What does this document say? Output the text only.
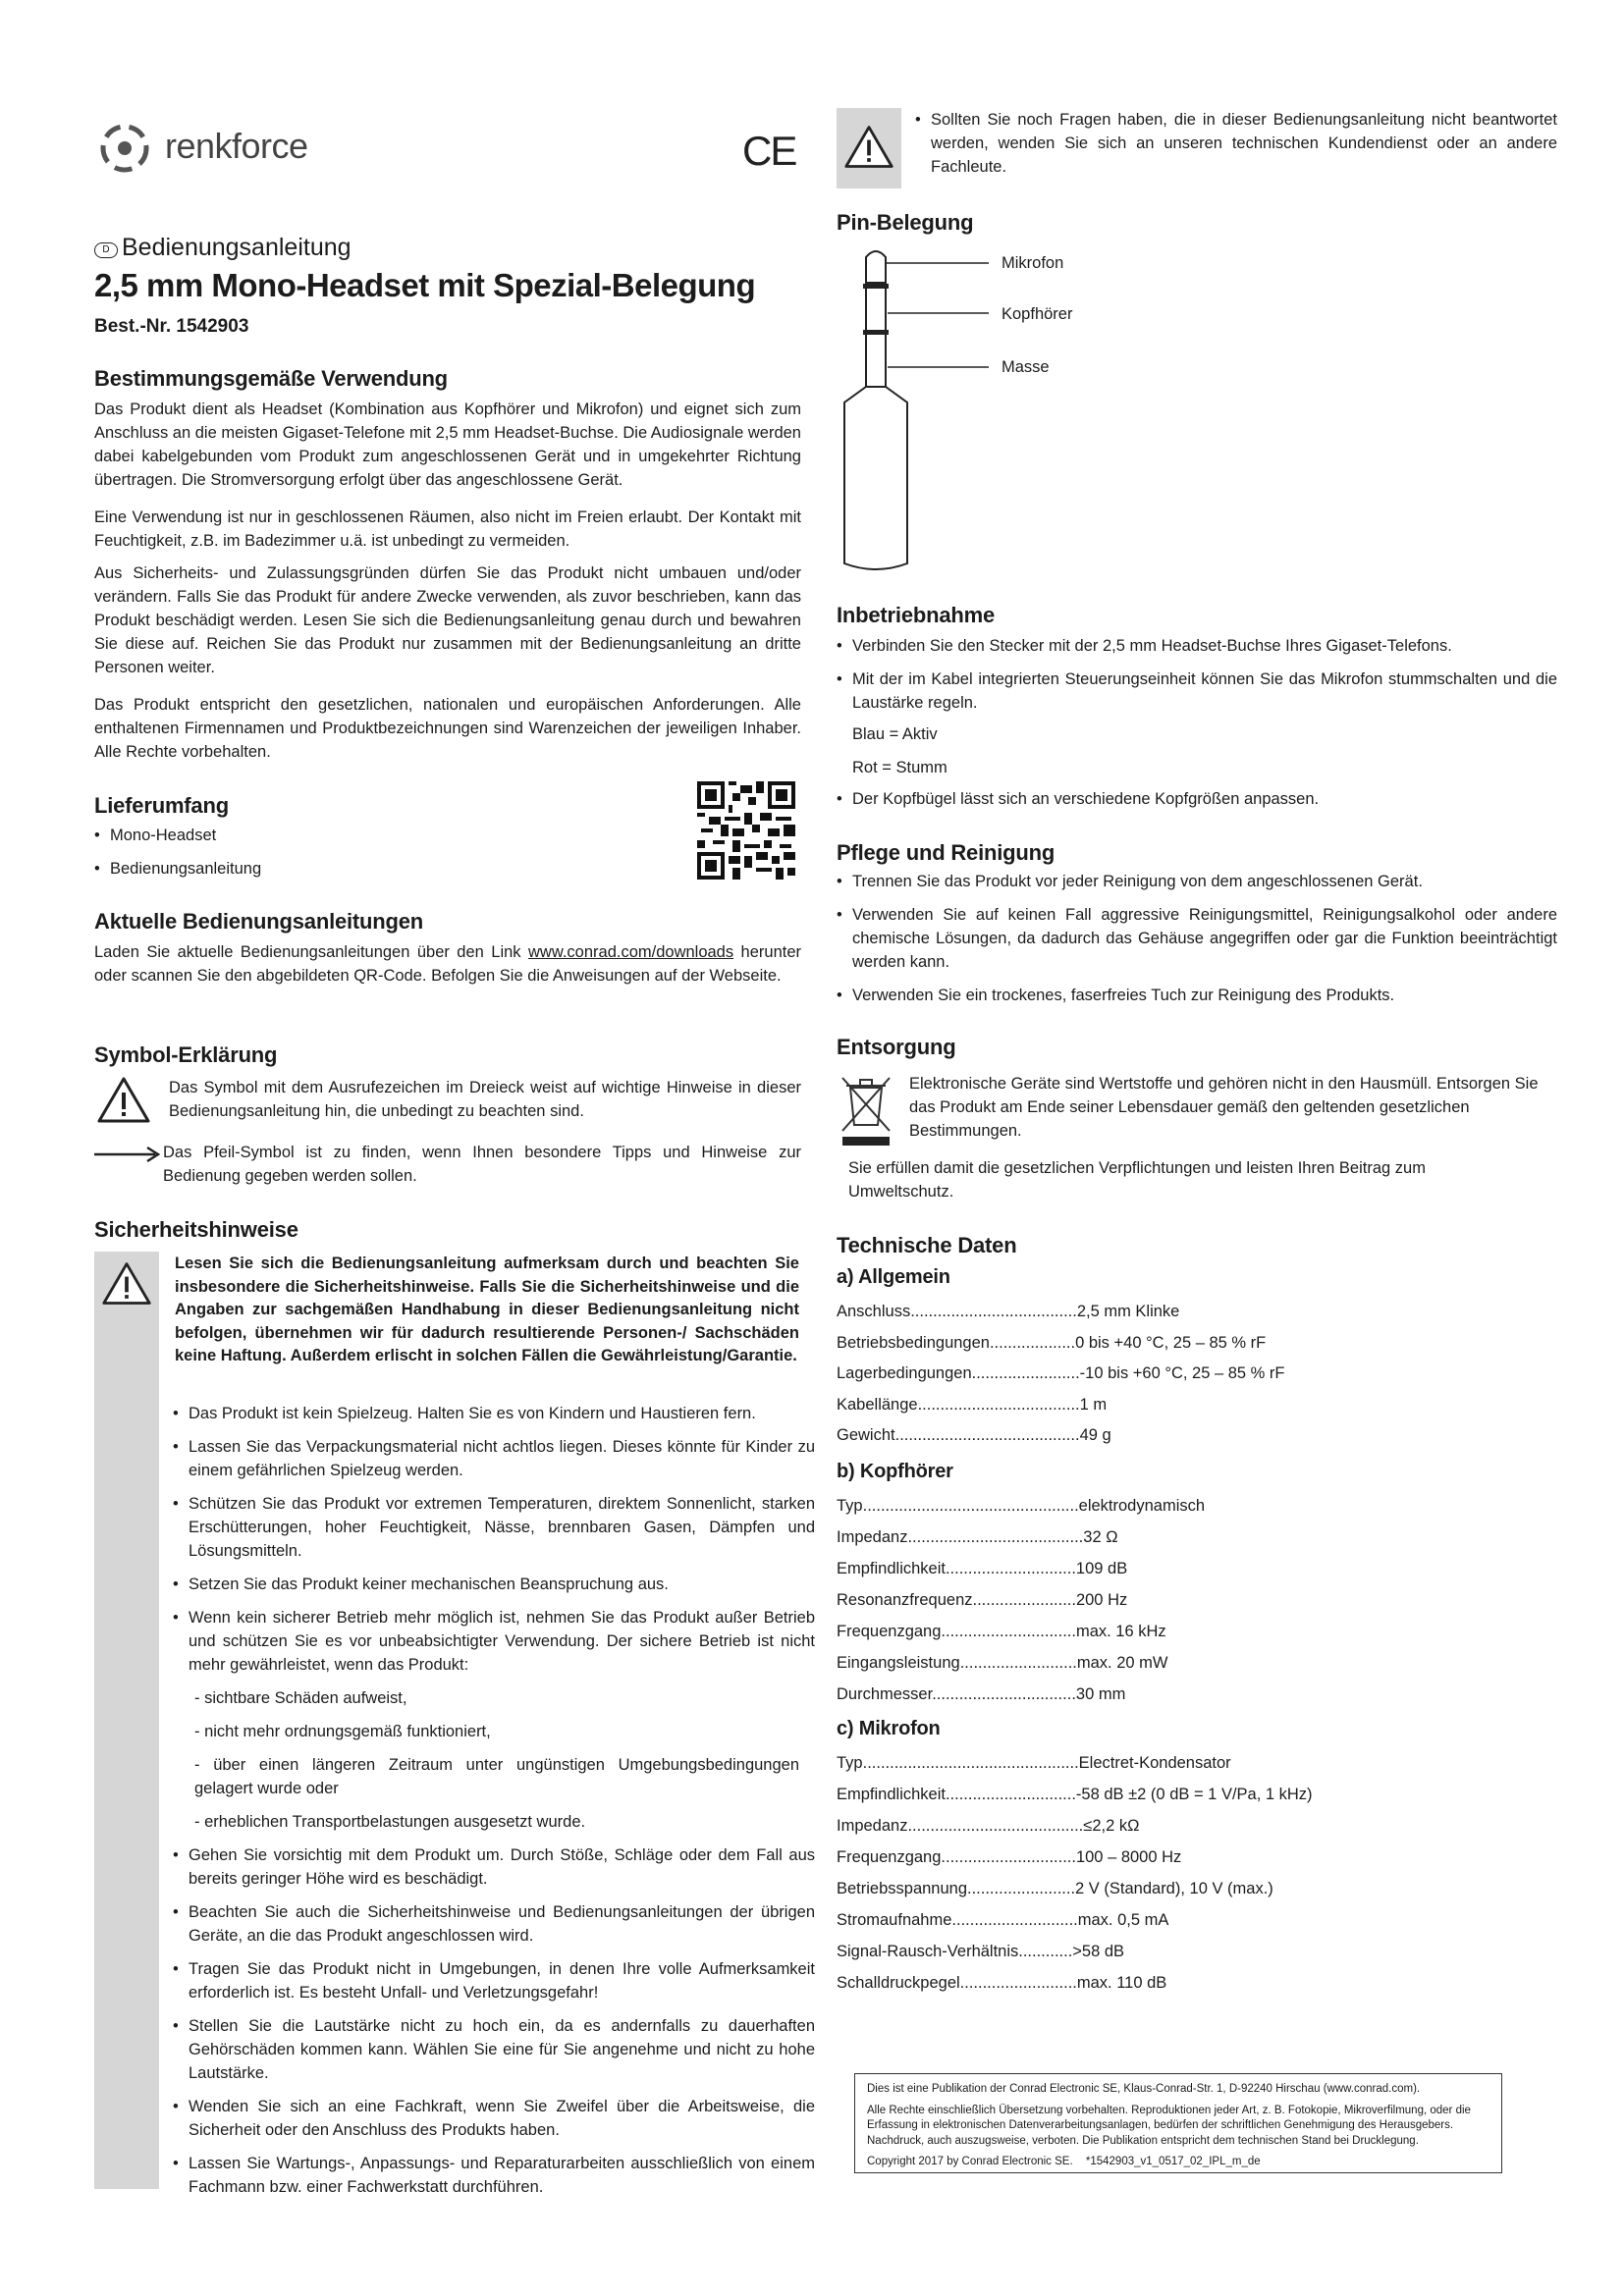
renkforce
D Bedienungsanleitung
2,5 mm Mono-Headset mit Spezial-Belegung
Best.-Nr. 1542903
Bestimmungsgemäße Verwendung

Das Produkt dient als Headset (Kombination aus Kopfhörer und Mikrofon) und eignet sich zum Anschluss an die meisten Gigaset-Telefone mit 2,5 mm Headset-Buchse. Die Audiosignale werden dabei kabelgebunden vom Produkt zum angeschlossenen Gerät und in umgekehrter Richtung übertragen. Die Stromversorgung erfolgt über das angeschlossene Gerät.

Eine Verwendung ist nur in geschlossenen Räumen, also nicht im Freien erlaubt. Der Kontakt mit Feuchtigkeit, z.B. im Badezimmer u.ä. ist unbedingt zu vermeiden.

Aus Sicherheits- und Zulassungsgründen dürfen Sie das Produkt nicht umbauen und/oder verändern. Falls Sie das Produkt für andere Zwecke verwenden, als zuvor beschrieben, kann das Produkt beschädigt werden. Lesen Sie sich die Bedienungsanleitung genau durch und bewahren Sie diese auf. Reichen Sie das Produkt nur zusammen mit der Bedienungsanleitung an dritte Personen weiter.

Das Produkt entspricht den gesetzlichen, nationalen und europäischen Anforderungen. Alle enthaltenen Firmennamen und Produktbezeichnungen sind Warenzeichen der jeweiligen Inhaber. Alle Rechte vorbehalten.

Lieferumfang
• Mono-Headset
• Bedienungsanleitung
Aktuelle Bedienungsanleitungen

Laden Sie aktuelle Bedienungsanleitungen über den Link www.conrad.com/downloads herunter oder scannen Sie den abgebildeten QR-Code. Befolgen Sie die Anweisungen auf der Webseite.

Symbol-Erklärung

Das Symbol mit dem Ausrufezeichen im Dreieck weist auf wichtige Hinweise in dieser Bedienungsanleitung hin, die unbedingt zu beachten sind.

Das Pfeil-Symbol ist zu finden, wenn Ihnen besondere Tipps und Hinweise zur Bedienung gegeben werden sollen.

Sicherheitshinweise

Lesen Sie sich die Bedienungsanleitung aufmerksam durch und beachten Sie insbesondere die Sicherheitshinweise. Falls Sie die Sicherheitshinweise und die Angaben zur sachgemäßen Handhabung in dieser Bedienungsanleitung nicht befolgen, übernehmen wir für dadurch resultierende Personen-/ Sachschäden keine Haftung. Außerdem erlischt in solchen Fällen die Gewährleistung/Garantie.

• Das Produkt ist kein Spielzeug. Halten Sie es von Kindern und Haustieren fern.
• Lassen Sie das Verpackungsmaterial nicht achtlos liegen. Dieses könnte für Kinder zu einem gefährlichen Spielzeug werden.
• Schützen Sie das Produkt vor extremen Temperaturen, direktem Sonnenlicht, starken Erschütterungen, hoher Feuchtigkeit, Nässe, brennbaren Gasen, Dämpfen und Lösungsmitteln.
• Setzen Sie das Produkt keiner mechanischen Beanspruchung aus.
• Wenn kein sicherer Betrieb mehr möglich ist, nehmen Sie das Produkt außer Betrieb und schützen Sie es vor unbeabsichtigter Verwendung. Der sichere Betrieb ist nicht mehr gewährleistet, wenn das Produkt:
- sichtbare Schäden aufweist,
- nicht mehr ordnungsgemäß funktioniert,
- über einen längeren Zeitraum unter ungünstigen Umgebungsbedingungen gelagert wurde oder
- erheblichen Transportbelastungen ausgesetzt wurde.
• Gehen Sie vorsichtig mit dem Produkt um. Durch Stöße, Schläge oder dem Fall aus bereits geringer Höhe wird es beschädigt.
• Beachten Sie auch die Sicherheitshinweise und Bedienungsanleitungen der übrigen Geräte, an die das Produkt angeschlossen wird.
• Tragen Sie das Produkt nicht in Umgebungen, in denen Ihre volle Aufmerksamkeit erforderlich ist. Es besteht Unfall- und Verletzungsgefahr!
• Stellen Sie die Lautstärke nicht zu hoch ein, da es andernfalls zu dauerhaften Gehörschäden kommen kann. Wählen Sie eine für Sie angenehme und nicht zu hohe Lautstärke.
• Wenden Sie sich an eine Fachkraft, wenn Sie Zweifel über die Arbeitsweise, die Sicherheit oder den Anschluss des Produkts haben.
• Lassen Sie Wartungs-, Anpassungs- und Reparaturarbeiten ausschließlich von einem Fachmann bzw. einer Fachwerkstatt durchführen.
CE
• Sollten Sie noch Fragen haben, die in dieser Bedienungsanleitung nicht beantwortet werden, wenden Sie sich an unseren technischen Kundendienst oder an andere Fachleute.
Pin-Belegung
Mikrofon
Kopfhörer
Masse
Inbetriebnahme
• Verbinden Sie den Stecker mit der 2,5 mm Headset-Buchse Ihres Gigaset-Telefons.
• Mit der im Kabel integrierten Steuerungseinheit können Sie das Mikrofon stummschalten und die Laustärke regeln.
Blau = Aktiv
Rot = Stumm
• Der Kopfbügel lässt sich an verschiedene Kopfgrößen anpassen.
Pflege und Reinigung
• Trennen Sie das Produkt vor jeder Reinigung von dem angeschlossenen Gerät.
• Verwenden Sie auf keinen Fall aggressive Reinigungsmittel, Reinigungsalkohol oder andere chemische Lösungen, da dadurch das Gehäuse angegriffen oder gar die Funktion beeinträchtigt werden kann.
• Verwenden Sie ein trockenes, faserfreies Tuch zur Reinigung des Produkts.
Entsorgung

Elektronische Geräte sind Wertstoffe und gehören nicht in den Hausmüll. Entsorgen Sie das Produkt am Ende seiner Lebensdauer gemäß den geltenden gesetzlichen Bestimmungen.

Sie erfüllen damit die gesetzlichen Verpflichtungen und leisten Ihren Beitrag zum Umweltschutz.

Technische Daten
a) Allgemein
Anschluss.....................................2,5 mm Klinke
Betriebsbedingungen...................0 bis +40 °C, 25 – 85 % rF
Lagerbedingungen........................-10 bis +60 °C, 25 – 85 % rF
Kabellänge....................................1 m
Gewicht.........................................49 g
b) Kopfhörer
Typ................................................elektrodynamisch
Impedanz.......................................32 Ω
Empfindlichkeit.............................109 dB
Resonanzfrequenz.......................200 Hz
Frequenzgang..............................max. 16 kHz
Eingangsleistung..........................max. 20 mW
Durchmesser................................30 mm
c) Mikrofon
Typ................................................Electret-Kondensator
Empfindlichkeit.............................-58 dB ±2 (0 dB = 1 V/Pa, 1 kHz)
Impedanz.......................................≤2,2 kΩ
Frequenzgang..............................100 – 8000 Hz
Betriebsspannung........................2 V (Standard), 10 V (max.)
Stromaufnahme............................max. 0,5 mA
Signal-Rausch-Verhältnis............>58 dB
Schalldruckpegel..........................max. 110 dB
Dies ist eine Publikation der Conrad Electronic SE, Klaus-Conrad-Str. 1, D-92240 Hirschau (www.conrad.com).
Alle Rechte einschließlich Übersetzung vorbehalten. Reproduktionen jeder Art, z. B. Fotokopie, Mikroverfilmung, oder die Erfassung in elektronischen Datenverarbeitungsanlagen, bedürfen der schriftlichen Genehmigung des Herausgebers. Nachdruck, auch auszugsweise, verboten. Die Publikation entspricht dem technischen Stand bei Drucklegung.
Copyright 2017 by Conrad Electronic SE. *1542903_v1_0517_02_IPL_m_de
